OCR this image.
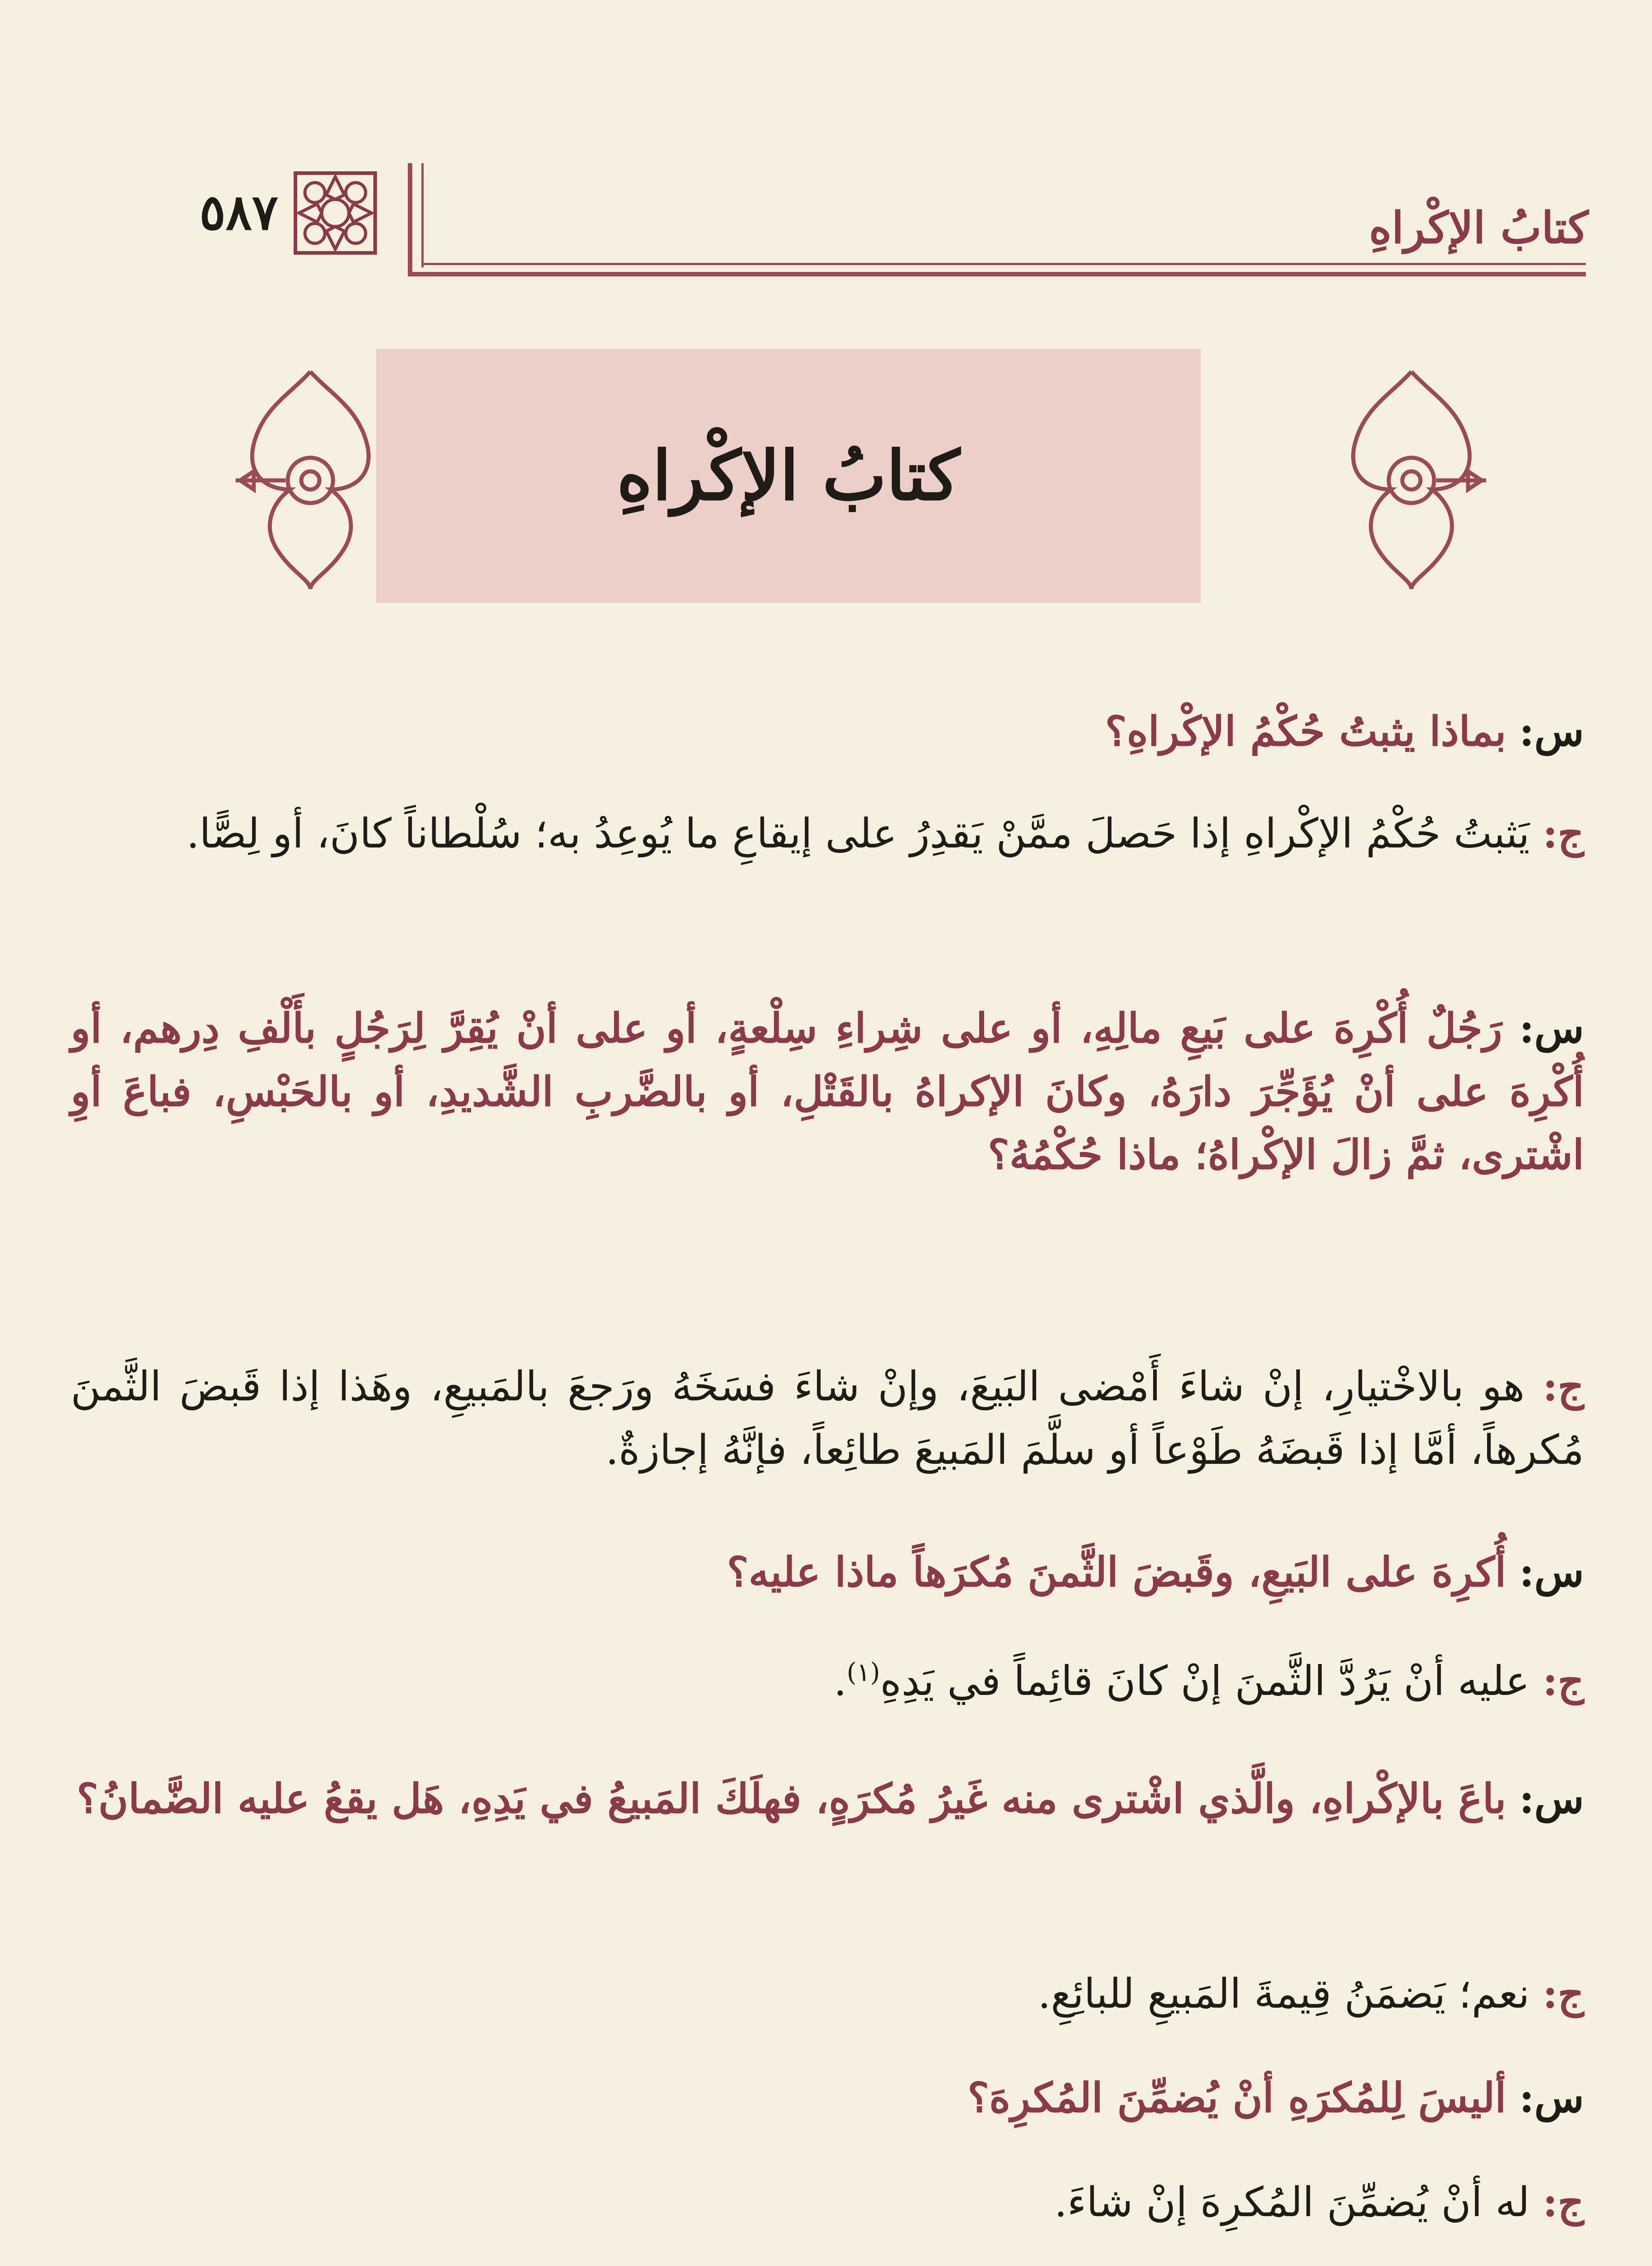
كتابُ الإكْراهِ
٥٨٧
كتابُ الإكْراهِ
س: بماذا يثبتُ حُكْمُ الإكْراهِ؟
ج: يَثبتُ حُكْمُ الإكْراهِ إذا حَصلَ ممَّنْ يَقدِرُ على إيقاعِ ما يُوعِدُ به؛ سُلْطاناً كانَ، أو لِصًّا.
س: رَجُلٌ أُكْرِهَ على بَيعِ مالِهِ، أو على شِراءِ سِلْعةٍ، أو على أنْ يُقِرَّ لِرَجُلٍ بأَلْفِ دِرهم، أو أُكْرِهَ على أنْ يُؤَجِّرَ دارَهُ، وكانَ الإكراهُ بالقَتْلِ، أو بالضَّربِ الشَّديدِ، أو بالحَبْسِ، فباعَ أوِ اشْترى، ثمَّ زالَ الإكْراهُ؛ ماذا حُكْمُهُ؟
ج: هو بالاخْتيارِ، إنْ شاءَ أَمْضى البَيعَ، وإنْ شاءَ فسَخَهُ ورَجعَ بالمَبيعِ، وهَذا إذا قَبضَ الثَّمنَ مُكرهاً، أمَّا إذا قَبضَهُ طَوْعاً أو سلَّمَ المَبيعَ طائِعاً، فإنَّهُ إجازةٌ.
س: أُكرِهَ على البَيعِ، وقَبضَ الثَّمنَ مُكرَهاً ماذا عليه؟
ج: عليه أنْ يَرُدَّ الثَّمنَ إنْ كانَ قائِماً في يَدِهِ$^{(١)}$.
س: باعَ بالإكْراهِ، والَّذي اشْترى منه غَيرُ مُكرَهٍ، فهلَكَ المَبيعُ في يَدِهِ، هَل يقعُ عليه الضَّمانُ؟
ج: نعم؛ يَضمَنُ قِيمةَ المَبيعِ للبائِعِ.
س: أليسَ لِلمُكرَهِ أنْ يُضمِّنَ المُكرِهَ؟
ج: له أنْ يُضمِّنَ المُكرِهَ إنْ شاءَ.
